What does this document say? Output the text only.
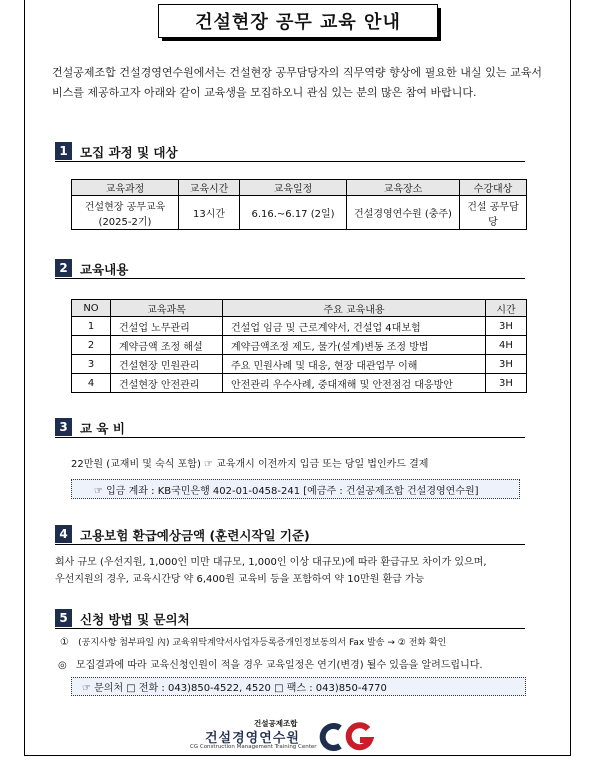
건설현장 공무 교육 안내
건설공제조합 건설경영연수원에서는 건설현장 공무담당자의 직무역량 향상에 필요한 내실 있는 교육서비스를 제공하고자 아래와 같이 교육생을 모집하오니 관심 있는 분의 많은 참여 바랍니다.
1 모집 과정 및 대상
교육과정	교육시간	교육일정	교육장소	수강대상

건설현장 공무교육
(2025-2기)	13시간	6.16.~6.17 (2일)	건설경영연수원 (충주)	건설 공무담당
2 교육내용
NO	교육과목	주요 교육내용	시간
1	건설업 노무관리	건설업 임금 및 근로계약서, 건설업 4대보험	3H
2	계약금액 조정 해설	계약금액조정 제도, 물가(설계)변동 조정 방법	4H
3	건설현장 민원관리	주요 민원사례 및 대응, 현장 대관업무 이해	3H
4	건설현장 안전관리	안전관리 우수사례, 중대재해 및 안전점검 대응방안	3H
3 교 육 비
22만원 (교재비 및 숙식 포함) ☞ 교육개시 이전까지 입금 또는 당일 법인카드 결제
☞ 입금 계좌 : KB국민은행 402-01-0458-241 [예금주 : 건설공제조합 건설경영연수원]
4 고용보험 환급예상금액 (훈련시작일 기준)
회사 규모 (우선지원, 1,000인 미만 대규모, 1,000인 이상 대규모)에 따라 환급규모 차이가 있으며,
우선지원의 경우, 교육시간당 약 6,400원 교육비 등을 포함하여 약 10만원 환급 가능
5 신청 방법 및 문의처
① (공지사항 첨부파일 內) 교육위탁계약서사업자등록증개인정보동의서 Fax 발송 → ② 전화 확인
◎ 모집결과에 따라 교육신청인원이 적을 경우 교육일정은 연기(변경) 될수 있음을 알려드립니다.
☞ 문의처 □ 전화 : 043)850-4522, 4520 □ 팩스 : 043)850-4770
건설공제조합
건설경영연수원
CG Construction Management Training Center
